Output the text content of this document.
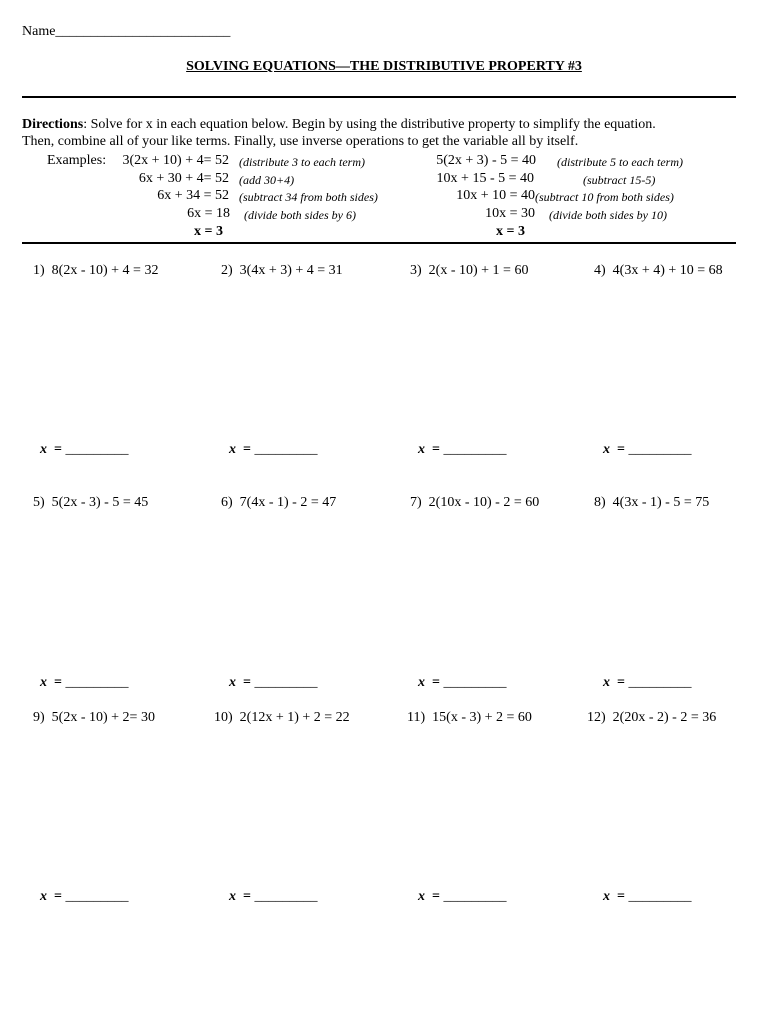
Name_________________________
SOLVING EQUATIONS—THE DISTRIBUTIVE PROPERTY #3
Directions: Solve for x in each equation below. Begin by using the distributive property to simplify the equation.
Then, combine all of your like terms. Finally, use inverse operations to get the variable all by itself.
Examples: 3(2x + 10) + 4= 52 (distribute 3 to each term)
6x + 30 + 4= 52 (add 30+4)
6x + 34 = 52 (subtract 34 from both sides)
6x = 18 (divide both sides by 6)
x = 3
5(2x + 3) - 5 = 40 (distribute 5 to each term)
10x + 15 - 5 = 40	(subtract 15-5)
10x + 10 = 40 (subtract 10 from both sides)
10x = 30 (divide both sides by 10)
x = 3
1) 8(2x - 10) + 4 = 32	2) 3(4x + 3) + 4 = 31	3) 2(x - 10) + 1 = 60	4) 4(3x + 4) + 10 = 68
x = _________	x = _________	x = _________	x = _________
5) 5(2x - 3) - 5 = 45	6) 7(4x - 1) - 2 = 47	7) 2(10x - 10) - 2 = 60	8) 4(3x - 1) - 5 = 75
x = _________	x = _________	x = _________	x = _________
9) 5(2x - 10) + 2= 30	10) 2(12x + 1) + 2 = 22	11) 15(x - 3) + 2 = 60	12) 2(20x - 2) - 2 = 36
x = _________	x = _________	x = _________	x = _________
